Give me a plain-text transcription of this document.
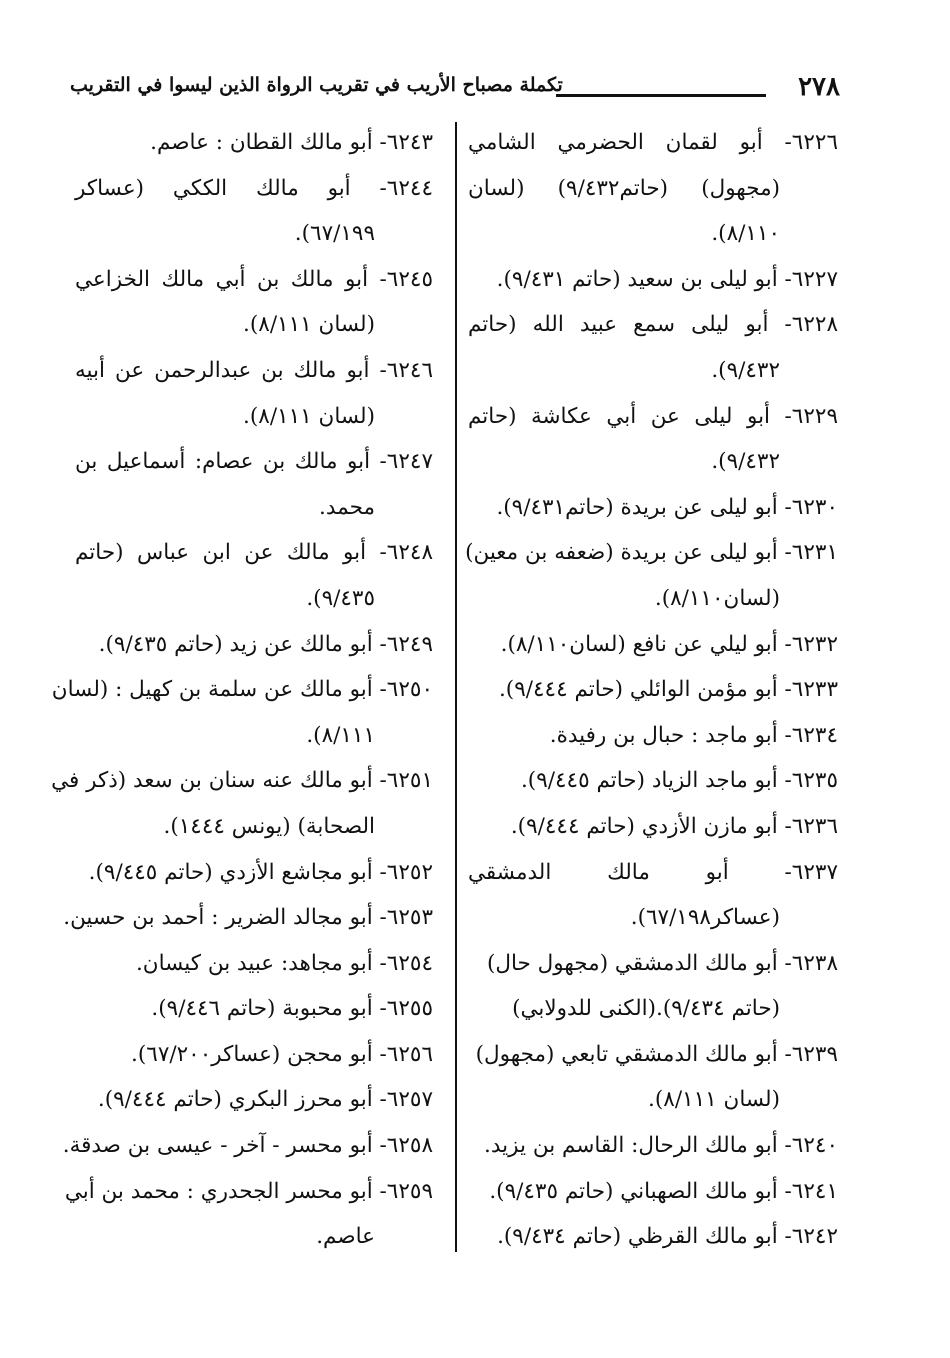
٢٧٨
تكملة مصباح الأريب في تقريب الرواة الذين ليسوا في التقريب
٦٢٢٦- أبو لقمان الحضرمي الشامي
(مجهول) (حاتم٩/٤٣٢) (لسان
٨/١١٠).
٦٢٢٧- أبو ليلى بن سعيد (حاتم ٩/٤٣١).
٦٢٢٨- أبو ليلى سمع عبيد الله (حاتم
٩/٤٣٢).
٦٢٢٩- أبو ليلى عن أبي عكاشة (حاتم
٩/٤٣٢).
٦٢٣٠- أبو ليلى عن بريدة (حاتم٩/٤٣١).
٦٢٣١- أبو ليلى عن بريدة (ضعفه بن معين)
(لسان٨/١١٠).
٦٢٣٢- أبو ليلي عن نافع (لسان٨/١١٠).
٦٢٣٣- أبو مؤمن الوائلي (حاتم ٩/٤٤٤).
٦٢٣٤- أبو ماجد : حبال بن رفيدة.
٦٢٣٥- أبو ماجد الزياد (حاتم ٩/٤٤٥).
٦٢٣٦- أبو مازن الأزدي (حاتم ٩/٤٤٤).
٦٢٣٧- أبو مالك الدمشقي
(عساكر٦٧/١٩٨).
٦٢٣٨- أبو مالك الدمشقي (مجهول حال)
(حاتم ٩/٤٣٤).(الكنى للدولابي)
٦٢٣٩- أبو مالك الدمشقي تابعي (مجهول)
(لسان ٨/١١١).
٦٢٤٠- أبو مالك الرحال: القاسم بن يزيد.
٦٢٤١- أبو مالك الصهباني (حاتم ٩/٤٣٥).
٦٢٤٢- أبو مالك القرظي (حاتم ٩/٤٣٤).
٦٢٤٣- أبو مالك القطان : عاصم.
٦٢٤٤- أبو مالك الككي (عساكر
٦٧/١٩٩).
٦٢٤٥- أبو مالك بن أبي مالك الخزاعي
(لسان ٨/١١١).
٦٢٤٦- أبو مالك بن عبدالرحمن عن أبيه
(لسان ٨/١١١).
٦٢٤٧- أبو مالك بن عصام: أسماعيل بن
محمد.
٦٢٤٨- أبو مالك عن ابن عباس (حاتم
٩/٤٣٥).
٦٢٤٩- أبو مالك عن زيد (حاتم ٩/٤٣٥).
٦٢٥٠- أبو مالك عن سلمة بن كهيل : (لسان
٨/١١١).
٦٢٥١- أبو مالك عنه سنان بن سعد (ذكر في
الصحابة) (يونس ١٤٤٤).
٦٢٥٢- أبو مجاشع الأزدي (حاتم ٩/٤٤٥).
٦٢٥٣- أبو مجالد الضرير : أحمد بن حسين.
٦٢٥٤- أبو مجاهد: عبيد بن كيسان.
٦٢٥٥- أبو محبوبة (حاتم ٩/٤٤٦).
٦٢٥٦- أبو محجن (عساكر٦٧/٢٠٠).
٦٢٥٧- أبو محرز البكري (حاتم ٩/٤٤٤).
٦٢٥٨- أبو محسر - آخر - عيسى بن صدقة.
٦٢٥٩- أبو محسر الجحدري : محمد بن أبي
عاصم.
